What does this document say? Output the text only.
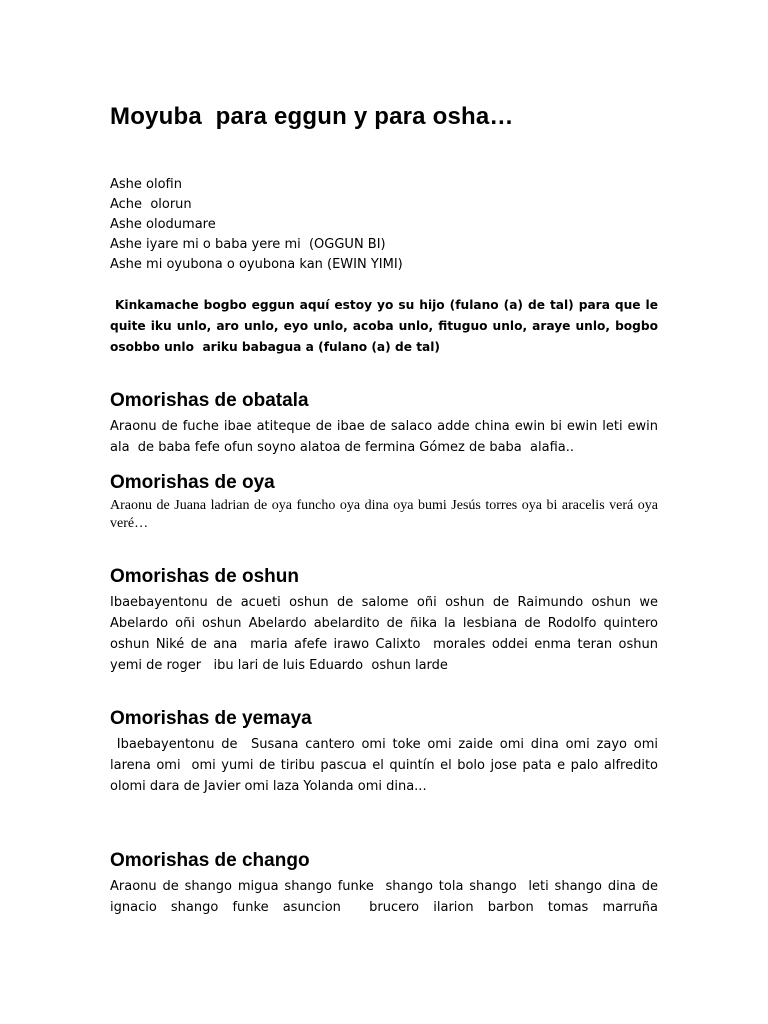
Moyuba  para eggun y para osha…
Ashe olofin
Ache  olorun
Ashe olodumare
Ashe iyare mi o baba yere mi  (OGGUN BI)
Ashe mi oyubona o oyubona kan (EWIN YIMI)
Kinkamache bogbo eggun aquí estoy yo su hijo (fulano (a) de tal) para que le quite iku unlo, aro unlo, eyo unlo, acoba unlo, fituguo unlo, araye unlo, bogbo osobbo unlo  ariku babagua a (fulano (a) de tal)
Omorishas de obatala
Araonu de fuche ibae atiteque de ibae de salaco adde china ewin bi ewin leti ewin ala  de baba fefe ofun soyno alatoa de fermina Gómez de baba  alafia..
Omorishas de oya
Araonu de Juana ladrian de oya funcho oya dina oya bumi Jesús torres oya bi aracelis verá oya  veré…
Omorishas de oshun
Ibaebayentonu de acueti oshun de salome oñi oshun de Raimundo oshun we Abelardo oñi oshun Abelardo abelardito de ñika la lesbiana de Rodolfo quintero oshun Niké de ana  maria afefe irawo Calixto  morales oddei enma teran oshun    yemi de roger   ibu lari de luis Eduardo  oshun larde
Omorishas de yemaya
Ibaebayentonu de  Susana cantero omi toke omi zaide omi dina omi zayo omi larena omi  omi yumi de tiribu pascua el quintín el bolo jose pata e palo alfredito olomi dara de Javier omi laza Yolanda omi dina...
Omorishas de chango
Araonu de shango migua shango funke  shango tola shango  leti shango dina de ignacio shango funke asuncion  brucero ilarion barbon tomas marruña
